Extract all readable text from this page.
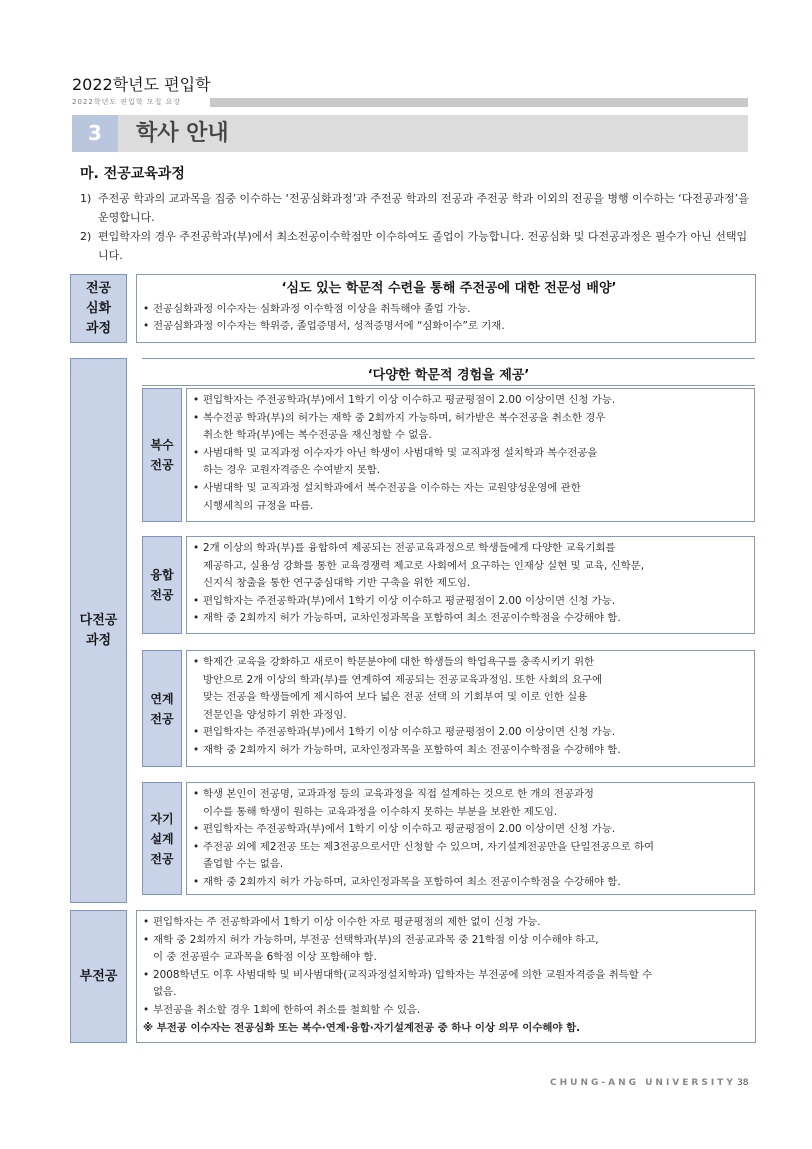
2022학년도 편입학
2022학년도 편입학 모집 요강
3	학사 안내
마. 전공교육과정
1) 주전공 학과의 교과목을 집중 이수하는 ‘전공심화과정’과 주전공 학과의 전공과 주전공 학과 이외의 전공을 병행 이수하는 ‘다전공과정’을 운영합니다.
2) 편입학자의 경우 주전공학과(부)에서 최소전공이수학점만 이수하여도 졸업이 가능합니다. 전공심화 및 다전공과정은 필수가 아닌 선택입니다.
전공
심화
과정
‘심도 있는 학문적 수련을 통해 주전공에 대한 전문성 배양’
• 전공심화과정 이수자는 심화과정 이수학점 이상을 취득해야 졸업 가능.
• 전공심화과정 이수자는 학위증, 졸업증명서, 성적증명서에 “심화이수”로 기재.
다전공
과정
‘다양한 학문적 경험을 제공’
복수
전공
• 편입학자는 주전공학과(부)에서 1학기 이상 이수하고 평균평점이 2.00 이상이면 신청 가능.
• 복수전공 학과(부)의 허가는 재학 중 2회까지 가능하며, 허가받은 복수전공을 취소한 경우
취소한 학과(부)에는 복수전공을 재신청할 수 없음.
• 사범대학 및 교직과정 이수자가 아닌 학생이 사범대학 및 교직과정 설치학과 복수전공을
하는 경우 교원자격증은 수여받지 못함.
• 사범대학 및 교직과정 설치학과에서 복수전공을 이수하는 자는 교원양성운영에 관한
시행세칙의 규정을 따름.
융합
전공
• 2개 이상의 학과(부)를 융합하여 제공되는 전공교육과정으로 학생들에게 다양한 교육기회를
제공하고, 실용성 강화를 통한 교육경쟁력 제고로 사회에서 요구하는 인재상 실현 및 교육, 신학문,
신지식 창출을 통한 연구중심대학 기반 구축을 위한 제도임.
• 편입학자는 주전공학과(부)에서 1학기 이상 이수하고 평균평점이 2.00 이상이면 신청 가능.
• 재학 중 2회까지 허가 가능하며, 교차인정과목을 포함하여 최소 전공이수학점을 수강해야 함.
연계
전공
• 학제간 교육을 강화하고 새로이 학문분야에 대한 학생들의 학업욕구를 충족시키기 위한
방안으로 2개 이상의 학과(부)를 연계하여 제공되는 전공교육과정임. 또한 사회의 요구에
맞는 전공을 학생들에게 제시하여 보다 넓은 전공 선택 의 기회부여 및 이로 인한 실용
전문인을 양성하기 위한 과정임.
• 편입학자는 주전공학과(부)에서 1학기 이상 이수하고 평균평점이 2.00 이상이면 신청 가능.
• 재학 중 2회까지 허가 가능하며, 교차인정과목을 포함하여 최소 전공이수학점을 수강해야 함.
자기
설계
전공
• 학생 본인이 전공명, 교과과정 등의 교육과정을 직접 설계하는 것으로 한 개의 전공과정
이수를 통해 학생이 원하는 교육과정을 이수하지 못하는 부분을 보완한 제도임.
• 편입학자는 주전공학과(부)에서 1학기 이상 이수하고 평균평점이 2.00 이상이면 신청 가능.
• 주전공 외에 제2전공 또는 제3전공으로서만 신청할 수 있으며, 자기설계전공만을 단일전공으로 하여
졸업할 수는 없음.
• 재학 중 2회까지 허가 가능하며, 교차인정과목을 포함하여 최소 전공이수학점을 수강해야 함.
부전공
• 편입학자는 주 전공학과에서 1학기 이상 이수한 자로 평균평점의 제한 없이 신청 가능.
• 재학 중 2회까지 허가 가능하며, 부전공 선택학과(부)의 전공교과목 중 21학점 이상 이수해야 하고,
이 중 전공필수 교과목을 6학점 이상 포함해야 함.
• 2008학년도 이후 사범대학 및 비사범대학(교직과정설치학과) 입학자는 부전공에 의한 교원자격증을 취득할 수
없음.
• 부전공을 취소할 경우 1회에 한하여 취소를 철회할 수 있음.
※ 부전공 이수자는 전공심화 또는 복수·연계·융합·자기설계전공 중 하나 이상 의무 이수해야 함.
CHUNG-ANG UNIVERSITY 38
